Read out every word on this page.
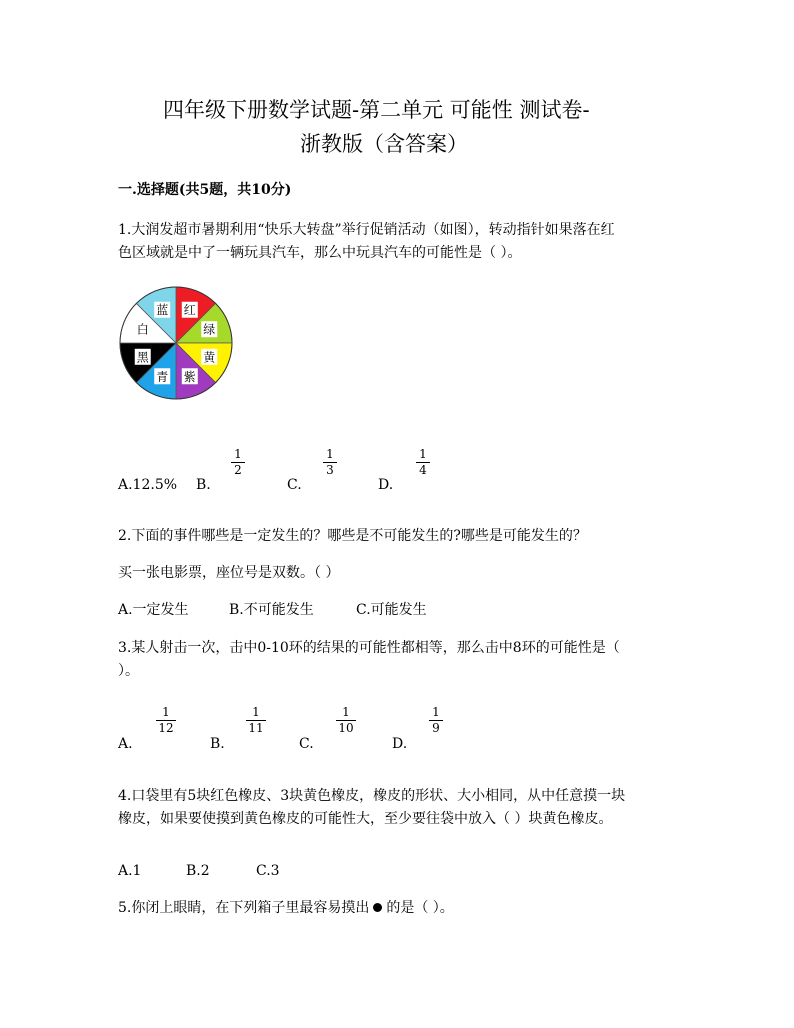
四年级下册数学试题-第二单元 可能性 测试卷-
浙教版（含答案）
一.选择题(共5题，共10分)
1.大润发超市暑期利用“快乐大转盘”举行促销活动（如图），转动指针如果落在红
色区域就是中了一辆玩具汽车，那么中玩具汽车的可能性是（ ）。
红
绿
黄
紫
青
黑
白
蓝
A.12.5% B.
1
2
C.
1
3
D.
1
4
2.下面的事件哪些是一定发生的？哪些是不可能发生的?哪些是可能发生的？
买一张电影票，座位号是双数。（ ）
A.一定发生	B.不可能发生	C.可能发生
3.某人射击一次，击中0-10环的结果的可能性都相等，那么击中8环的可能性是（
）。
A.
1
12
B.
1
11
C.
1
10
D.
1
9
4.口袋里有5块红色橡皮、3块黄色橡皮，橡皮的形状、大小相同，从中任意摸一块
橡皮，如果要使摸到黄色橡皮的可能性大，至少要往袋中放入（ ）块黄色橡皮。
A.1	B.2	C.3
5.你闭上眼睛，在下列箱子里最容易摸出 的是（ ）。
